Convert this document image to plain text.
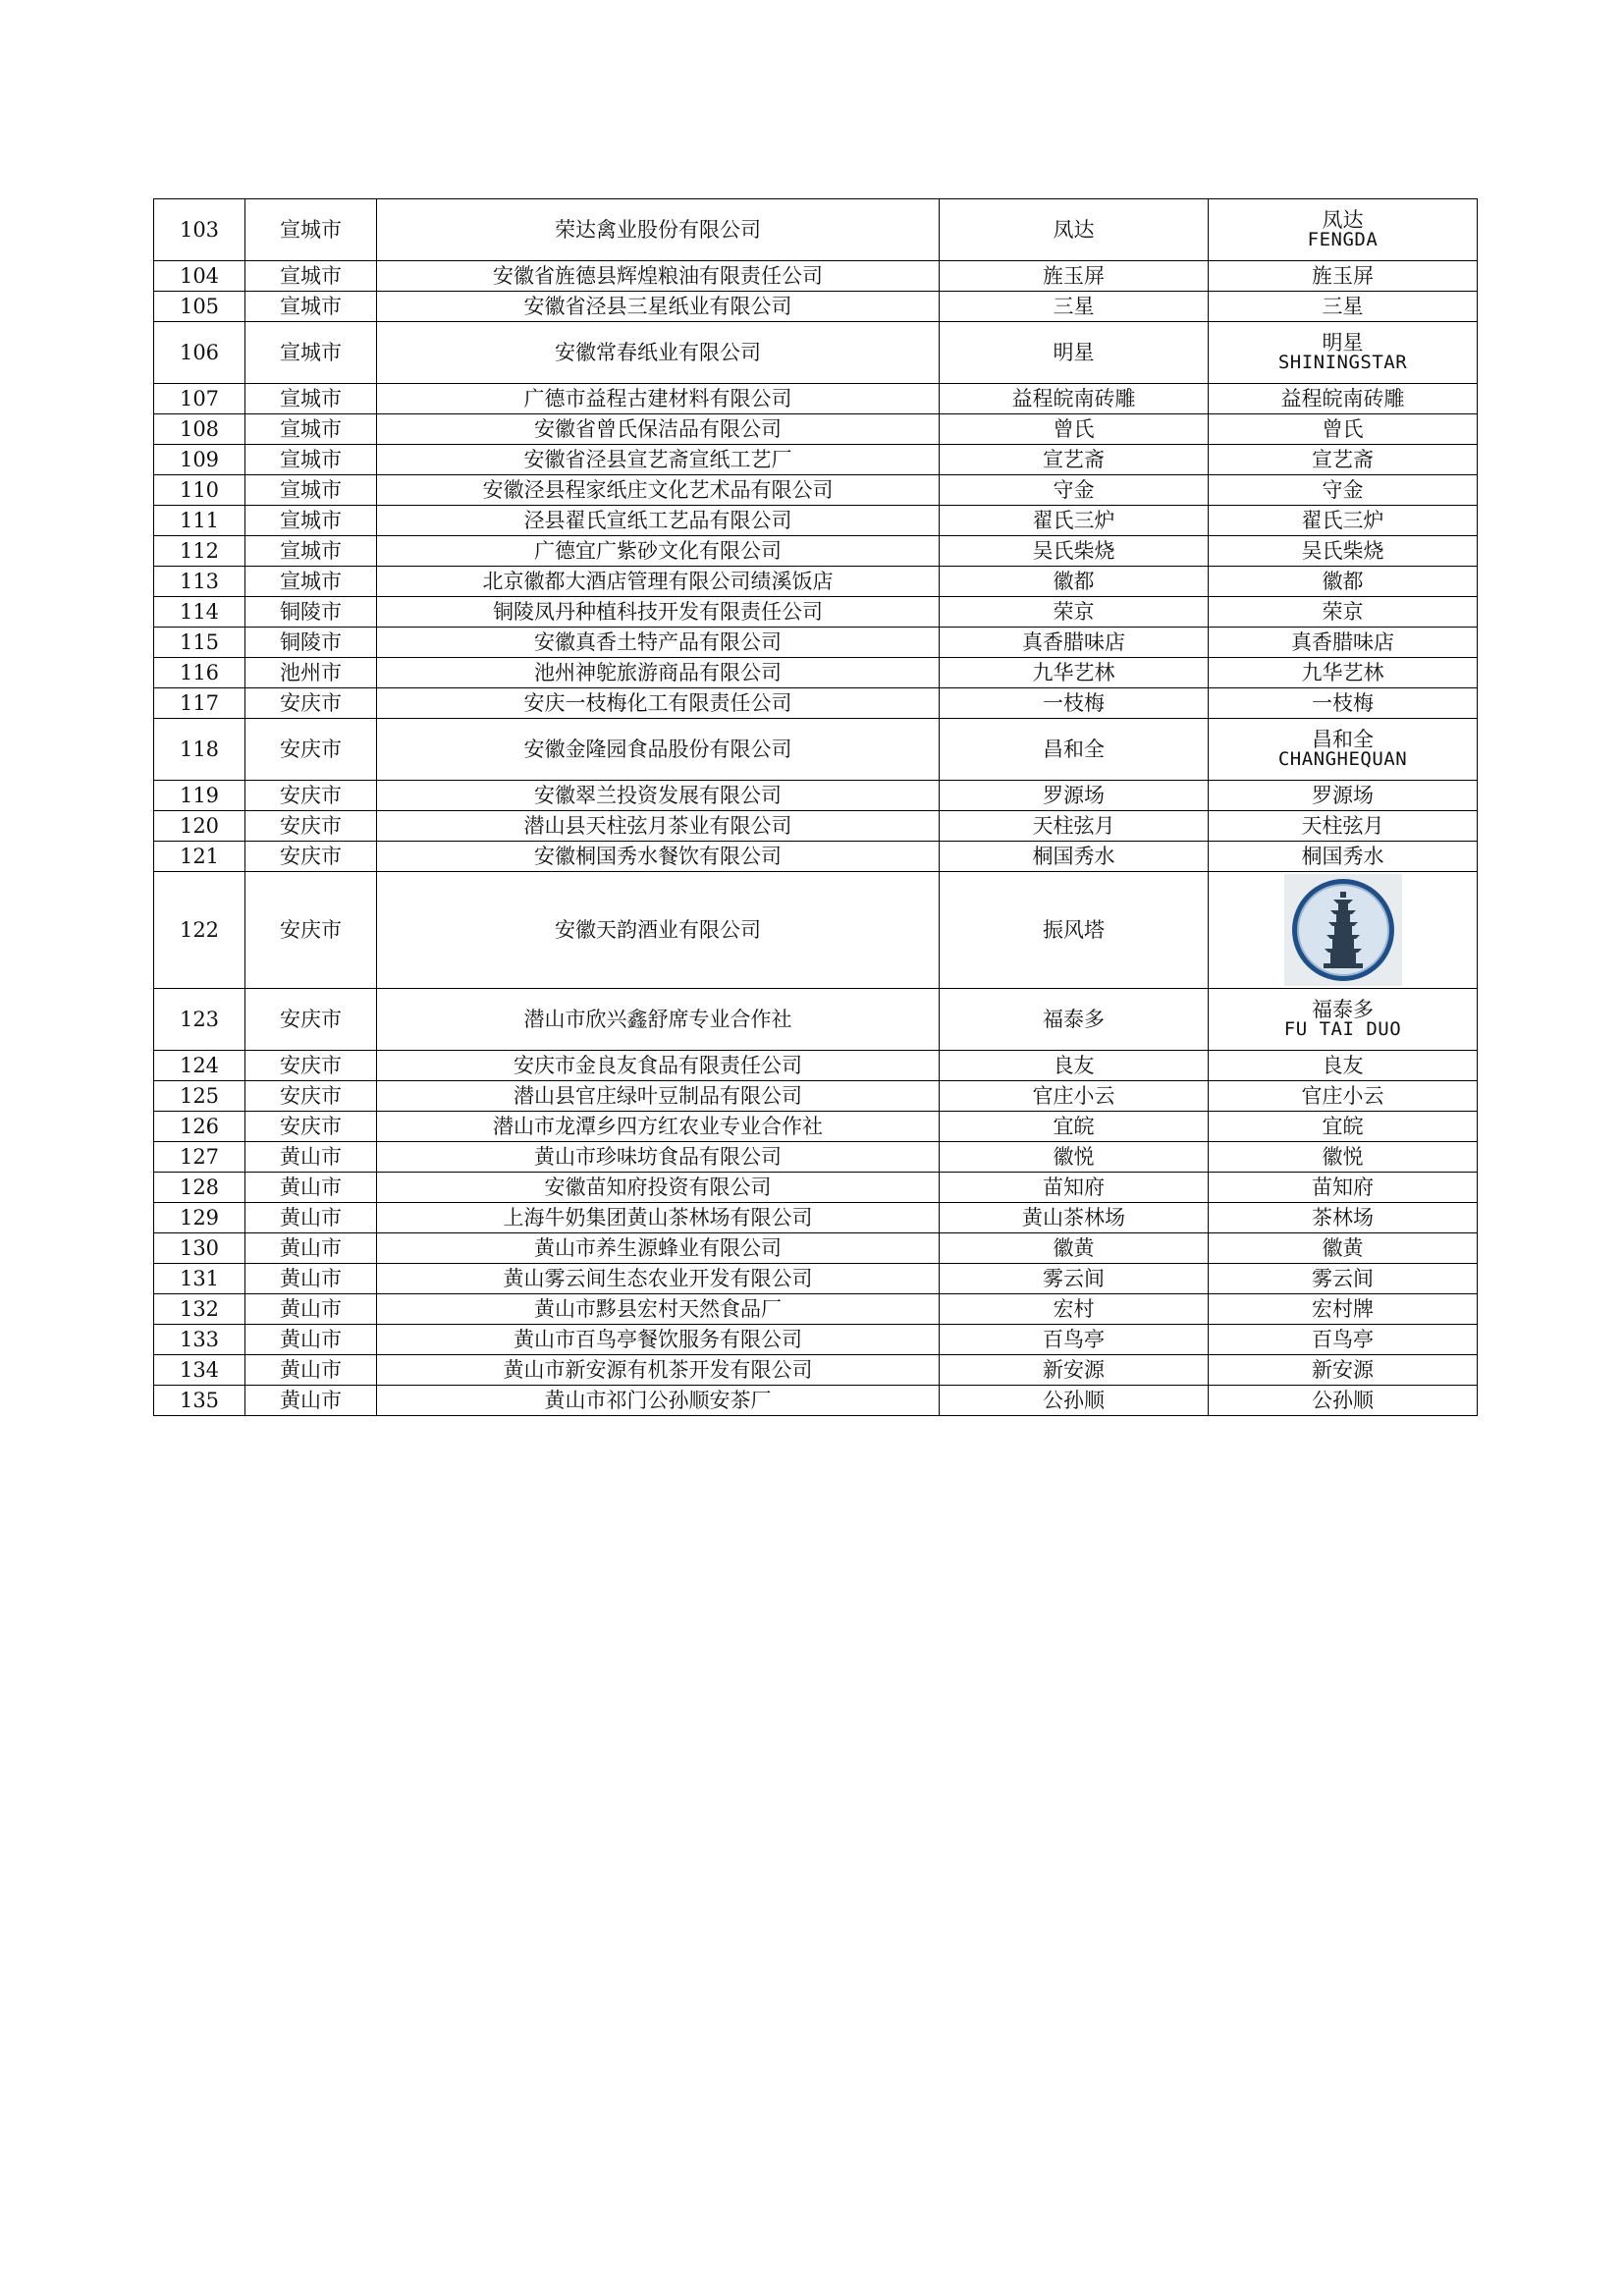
103	宣城市	荣达禽业股份有限公司	凤达	凤达
FENGDA

104	宣城市	安徽省旌德县辉煌粮油有限责任公司	旌玉屏	旌玉屏

105	宣城市	安徽省泾县三星纸业有限公司	三星	三星

106	宣城市	安徽常春纸业有限公司	明星	明星
SHININGSTAR

107	宣城市	广德市益程古建材料有限公司	益程皖南砖雕	益程皖南砖雕

108	宣城市	安徽省曾氏保洁品有限公司	曾氏	曾氏

109	宣城市	安徽省泾县宣艺斋宣纸工艺厂	宣艺斋	宣艺斋

110	宣城市	安徽泾县程家纸庄文化艺术品有限公司	守金	守金

111	宣城市	泾县翟氏宣纸工艺品有限公司	翟氏三炉	翟氏三炉

112	宣城市	广德宜广紫砂文化有限公司	吴氏柴烧	吴氏柴烧

113	宣城市	北京徽都大酒店管理有限公司绩溪饭店	徽都	徽都

114	铜陵市	铜陵凤丹种植科技开发有限责任公司	荣京	荣京

115	铜陵市	安徽真香土特产品有限公司	真香腊味店	真香腊味店

116	池州市	池州神鸵旅游商品有限公司	九华艺林	九华艺林

117	安庆市	安庆一枝梅化工有限责任公司	一枝梅	一枝梅

118	安庆市	安徽金隆园食品股份有限公司	昌和全	昌和全
CHANGHEQUAN

119	安庆市	安徽翠兰投资发展有限公司	罗源场	罗源场

120	安庆市	潜山县天柱弦月茶业有限公司	天柱弦月	天柱弦月

121	安庆市	安徽桐国秀水餐饮有限公司	桐国秀水	桐国秀水

122	安庆市	安徽天韵酒业有限公司	振风塔	

123	安庆市	潜山市欣兴鑫舒席专业合作社	福泰多	福泰多
FU TAI DUO

124	安庆市	安庆市金良友食品有限责任公司	良友	良友

125	安庆市	潜山县官庄绿叶豆制品有限公司	官庄小云	官庄小云

126	安庆市	潜山市龙潭乡四方红农业专业合作社	宜皖	宜皖

127	黄山市	黄山市珍味坊食品有限公司	徽悦	徽悦

128	黄山市	安徽苗知府投资有限公司	苗知府	苗知府

129	黄山市	上海牛奶集团黄山茶林场有限公司	黄山茶林场	茶林场

130	黄山市	黄山市养生源蜂业有限公司	徽黄	徽黄

131	黄山市	黄山雾云间生态农业开发有限公司	雾云间	雾云间

132	黄山市	黄山市黟县宏村天然食品厂	宏村	宏村牌

133	黄山市	黄山市百鸟亭餐饮服务有限公司	百鸟亭	百鸟亭

134	黄山市	黄山市新安源有机茶开发有限公司	新安源	新安源

135	黄山市	黄山市祁门公孙顺安茶厂	公孙顺	公孙顺
